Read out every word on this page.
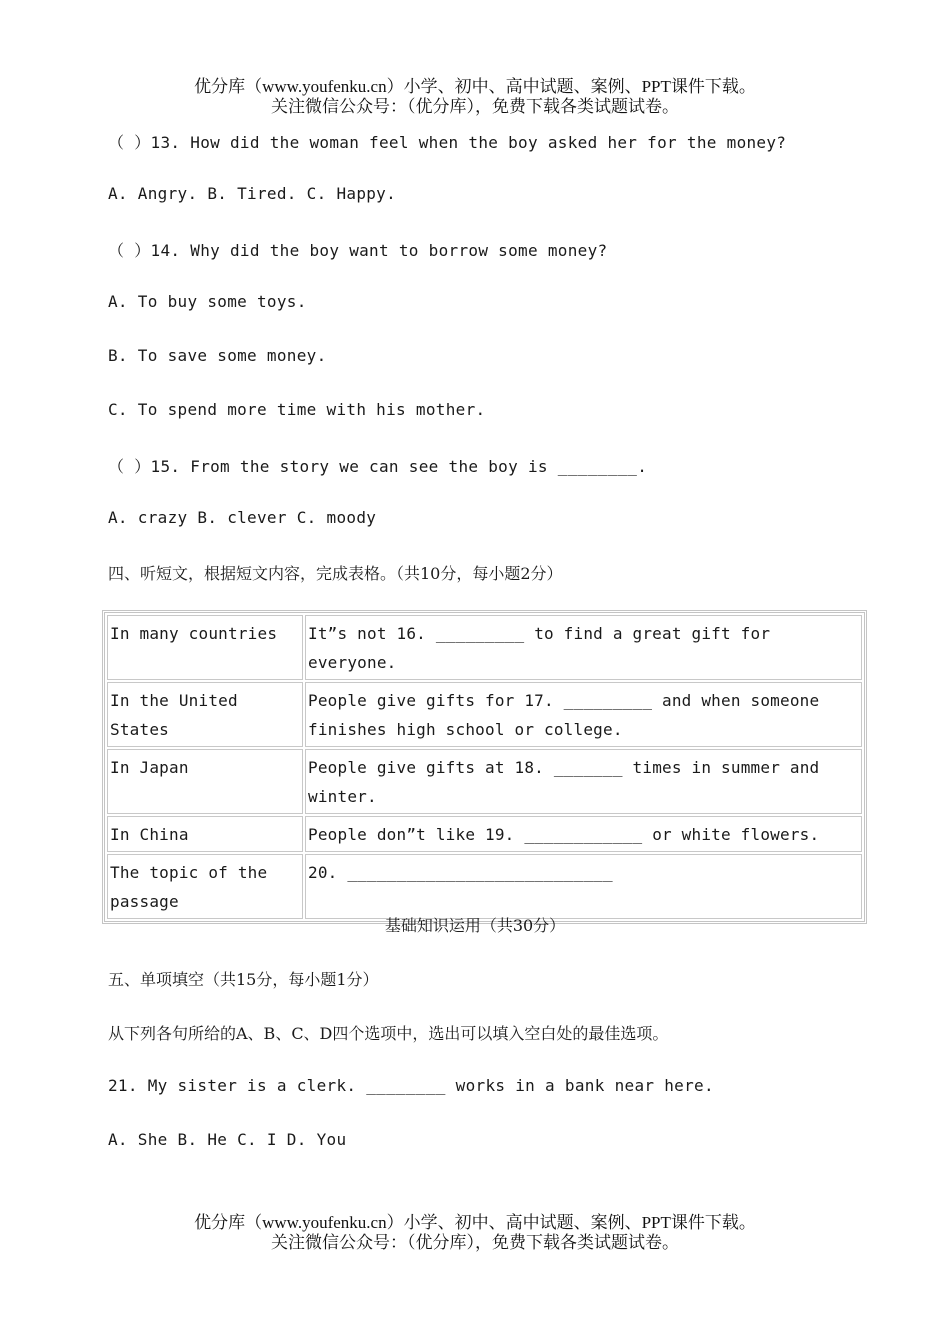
优分库（www.youfenku.cn）小学、初中、高中试题、案例、PPT课件下载。
关注微信公众号：（优分库），免费下载各类试题试卷。
（ ）13. How did the woman feel when the boy asked her for the money?
A. Angry. B. Tired. C. Happy.
（ ）14. Why did the boy want to borrow some money?
A. To buy some toys.
B. To save some money.
C. To spend more time with his mother.
（ ）15. From the story we can see the boy is ________.
A. crazy B. clever C. moody
四、听短文，根据短文内容，完成表格。（共10分，每小题2分）
In many countries	It”s not 16. _________ to find a great gift for everyone.
In the United States	People give gifts for 17. _________ and when someone finishes high school or college.
In Japan	People give gifts at 18. _______ times in summer and winter.
In China	People don”t like 19. ____________ or white flowers.
The topic of the passage	20. ___________________________
基础知识运用（共30分）
五、单项填空（共15分，每小题1分）
从下列各句所给的A、B、C、D四个选项中，选出可以填入空白处的最佳选项。
21. My sister is a clerk. ________ works in a bank near here.
A. She B. He C. I D. You
优分库（www.youfenku.cn）小学、初中、高中试题、案例、PPT课件下载。
关注微信公众号：（优分库），免费下载各类试题试卷。
